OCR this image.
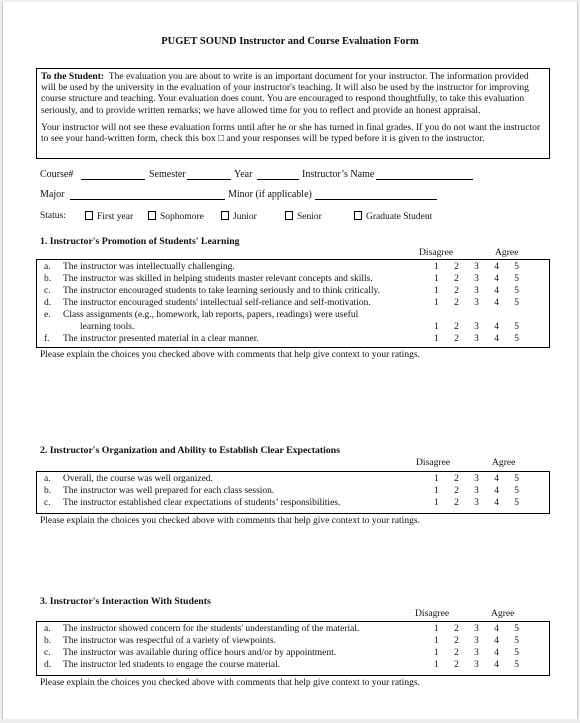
PUGET SOUND Instructor and Course Evaluation Form

To the Student: The evaluation you are about to write is an important document for your instructor. The information provided will be used by the university in the evaluation of your instructor's teaching. It will also be used by the instructor for improving course structure and teaching. Your evaluation does count. You are encouraged to respond thoughtfully, to take this evaluation seriously, and to provide written remarks; we have allowed time for you to reflect and provide an honest appraisal.

Your instructor will not see these evaluation forms until after he or she has turned in final grades. If you do not want the instructor to see your hand-written form, check this box □ and your responses will be typed before it is given to the instructor.

Course#	Semester	Year	Instructor’s Name
Major	Minor (if applicable)
Status:	First year	Sophomore	Junior	Senior	Graduate Student
1. Instructor's Promotion of Students' Learning
Disagree	Agree
a. The instructor was intellectually challenging.	1 2 3 4 5
b. The instructor was skilled in helping students master relevant concepts and skills.	1 2 3 4 5
c. The instructor encouraged students to take learning seriously and to think critically.	1 2 3 4 5
d. The instructor encouraged students' intellectual self-reliance and self-motivation.	1 2 3 4 5
e. Class assignments (e.g., homework, lab reports, papers, readings) were useful
learning tools.	1 2 3 4 5
f. The instructor presented material in a clear manner.	1 2 3 4 5
Please explain the choices you checked above with comments that help give context to your ratings.
2. Instructor's Organization and Ability to Establish Clear Expectations
Disagree	Agree
a. Overall, the course was well organized.	1 2 3 4 5
b. The instructor was well prepared for each class session.	1 2 3 4 5
c. The instructor established clear expectations of students’ responsibilities.	1 2 3 4 5
Please explain the choices you checked above with comments that help give context to your ratings.
3. Instructor's Interaction With Students
Disagree	Agree
a. The instructor showed concern for the students' understanding of the material.	1 2 3 4 5
b. The instructor was respectful of a variety of viewpoints.	1 2 3 4 5
c. The instructor was available during office hours and/or by appointment.	1 2 3 4 5
d. The instructor led students to engage the course material.	1 2 3 4 5
Please explain the choices you checked above with comments that help give context to your ratings.
